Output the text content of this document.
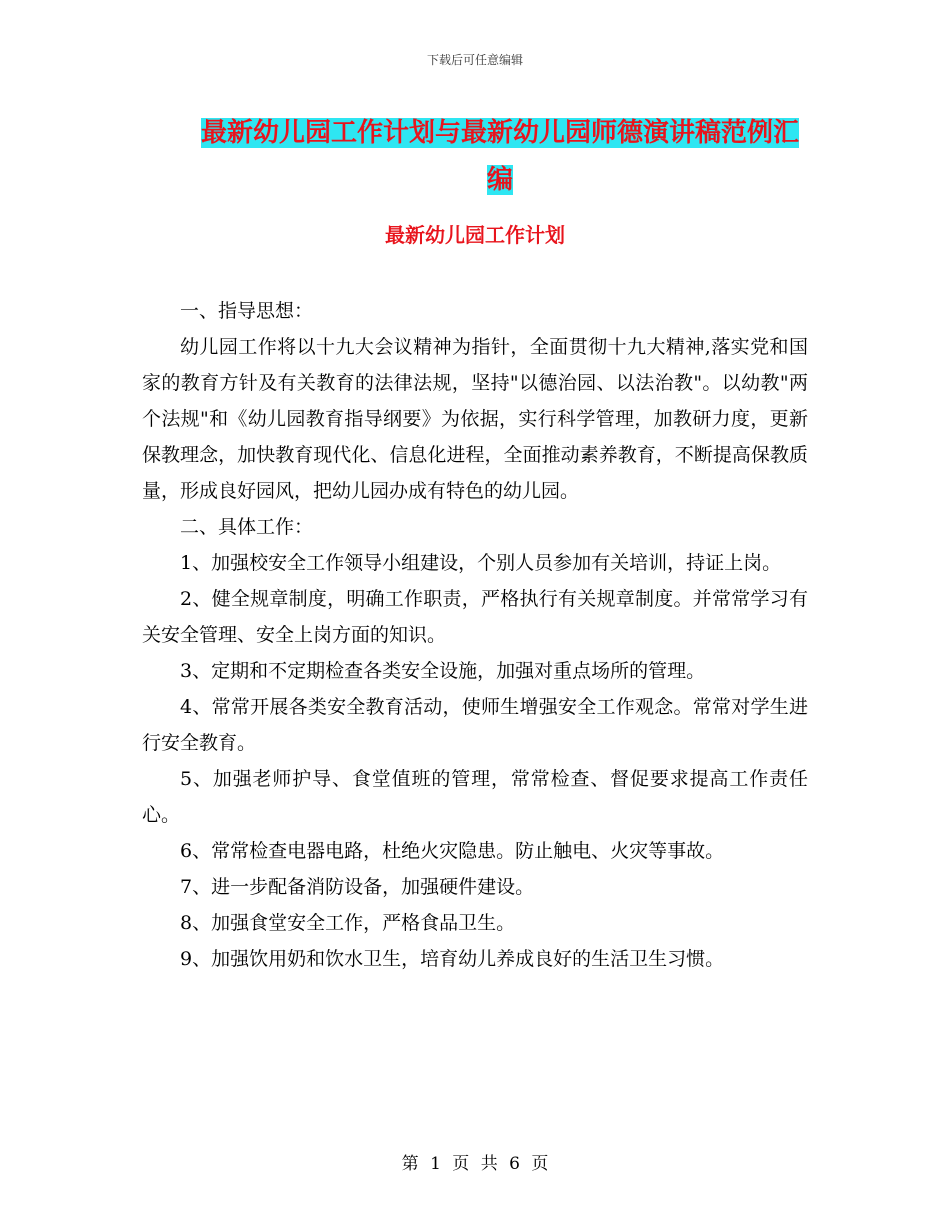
下载后可任意编辑
最新幼儿园工作计划与最新幼儿园师德演讲稿范例汇编
最新幼儿园工作计划

一、指导思想：

幼儿园工作将以十九大会议精神为指针，全面贯彻十九大精神,落实党和国家的教育方针及有关教育的法律法规，坚持"以德治园、以法治教"。以幼教"两个法规"和《幼儿园教育指导纲要》为依据，实行科学管理，加教研力度，更新保教理念，加快教育现代化、信息化进程，全面推动素养教育，不断提高保教质量，形成良好园风，把幼儿园办成有特色的幼儿园。

二、具体工作：

1、加强校安全工作领导小组建设，个别人员参加有关培训，持证上岗。

2、健全规章制度，明确工作职责，严格执行有关规章制度。并常常学习有关安全管理、安全上岗方面的知识。

3、定期和不定期检查各类安全设施，加强对重点场所的管理。

4、常常开展各类安全教育活动，使师生增强安全工作观念。常常对学生进行安全教育。

5、加强老师护导、食堂值班的管理，常常检查、督促要求提高工作责任心。

6、常常检查电器电路，杜绝火灾隐患。防止触电、火灾等事故。

7、进一步配备消防设备，加强硬件建设。

8、加强食堂安全工作，严格食品卫生。

9、加强饮用奶和饮水卫生，培育幼儿养成良好的生活卫生习惯。

第 1 页 共 6 页
